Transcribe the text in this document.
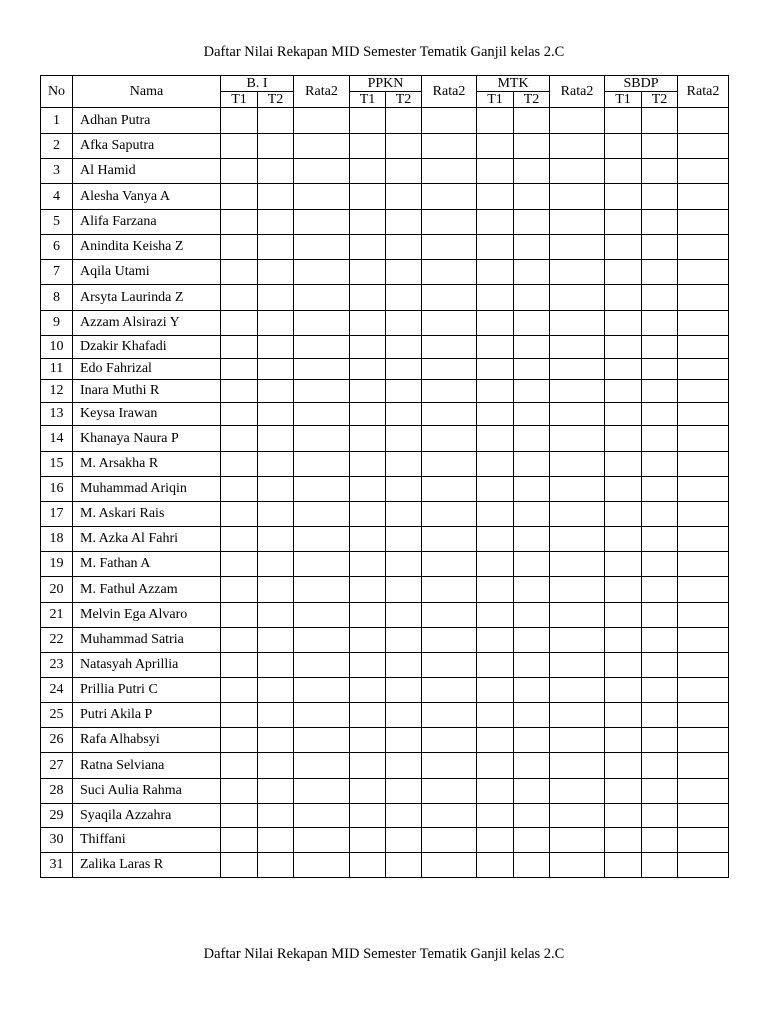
Daftar Nilai Rekapan MID Semester Tematik Ganjil kelas 2.C
No	Nama	B. I		Rata2	PPKN		Rata2	MTK		Rata2	SBDP		Rata2
		T1	T2		T1	T2		T1	T2		T1	T2	
1	Adhan Putra												
2	Afka Saputra												
3	Al Hamid												
4	Alesha Vanya A												
5	Alifa Farzana												
6	Anindita Keisha Z												
7	Aqila Utami												
8	Arsyta Laurinda Z												
9	Azzam Alsirazi Y												
10	Dzakir Khafadi												
11	Edo Fahrizal												
12	Inara Muthi R												
13	Keysa Irawan												
14	Khanaya Naura P												
15	M. Arsakha R												
16	Muhammad Ariqin												
17	M. Askari Rais												
18	M. Azka Al Fahri												
19	M. Fathan A												
20	M. Fathul Azzam												
21	Melvin Ega Alvaro												
22	Muhammad Satria												
23	Natasyah Aprillia												
24	Prillia Putri C												
25	Putri Akila P												
26	Rafa Alhabsyi												
27	Ratna Selviana												
28	Suci Aulia Rahma												
29	Syaqila Azzahra												
30	Thiffani												
31	Zalika Laras R												
Daftar Nilai Rekapan MID Semester Tematik Ganjil kelas 2.C
